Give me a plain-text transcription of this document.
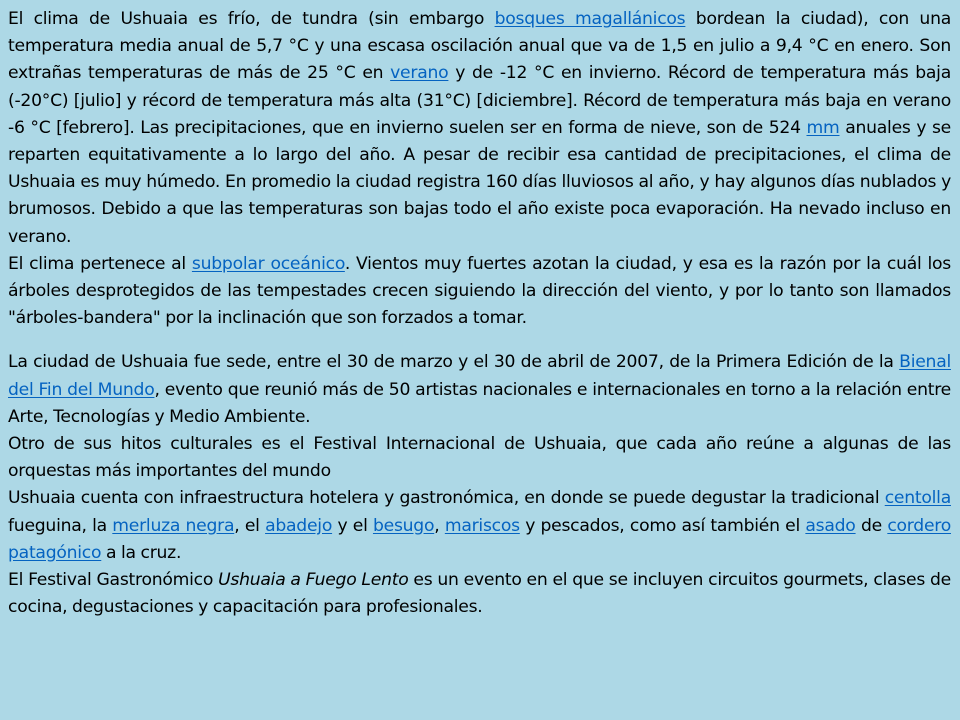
El clima de Ushuaia es frío, de tundra (sin embargo bosques magallánicos bordean la ciudad), con una temperatura media anual de 5,7 °C y una escasa oscilación anual que va de 1,5 en julio a 9,4 °C en enero. Son extrañas temperaturas de más de 25 °C en verano y de -12 °C en invierno. Récord de temperatura más baja (-20°C) [julio] y récord de temperatura más alta (31°C) [diciembre]. Récord de temperatura más baja en verano -6 °C [febrero]. Las precipitaciones, que en invierno suelen ser en forma de nieve, son de 524 mm anuales y se reparten equitativamente a lo largo del año. A pesar de recibir esa cantidad de precipitaciones, el clima de Ushuaia es muy húmedo. En promedio la ciudad registra 160 días lluviosos al año, y hay algunos días nublados y brumosos. Debido a que las temperaturas son bajas todo el año existe poca evaporación. Ha nevado incluso en verano.

El clima pertenece al subpolar oceánico. Vientos muy fuertes azotan la ciudad, y esa es la razón por la cuál los árboles desprotegidos de las tempestades crecen siguiendo la dirección del viento, y por lo tanto son llamados "árboles-bandera" por la inclinación que son forzados a tomar.

La ciudad de Ushuaia fue sede, entre el 30 de marzo y el 30 de abril de 2007, de la Primera Edición de la Bienal del Fin del Mundo, evento que reunió más de 50 artistas nacionales e internacionales en torno a la relación entre Arte, Tecnologías y Medio Ambiente.

Otro de sus hitos culturales es el Festival Internacional de Ushuaia, que cada año reúne a algunas de las orquestas más importantes del mundo

Ushuaia cuenta con infraestructura hotelera y gastronómica, en donde se puede degustar la tradicional centolla fueguina, la merluza negra, el abadejo y el besugo, mariscos y pescados, como así también el asado de cordero patagónico a la cruz.

El Festival Gastronómico Ushuaia a Fuego Lento es un evento en el que se incluyen circuitos gourmets, clases de cocina, degustaciones y capacitación para profesionales.
